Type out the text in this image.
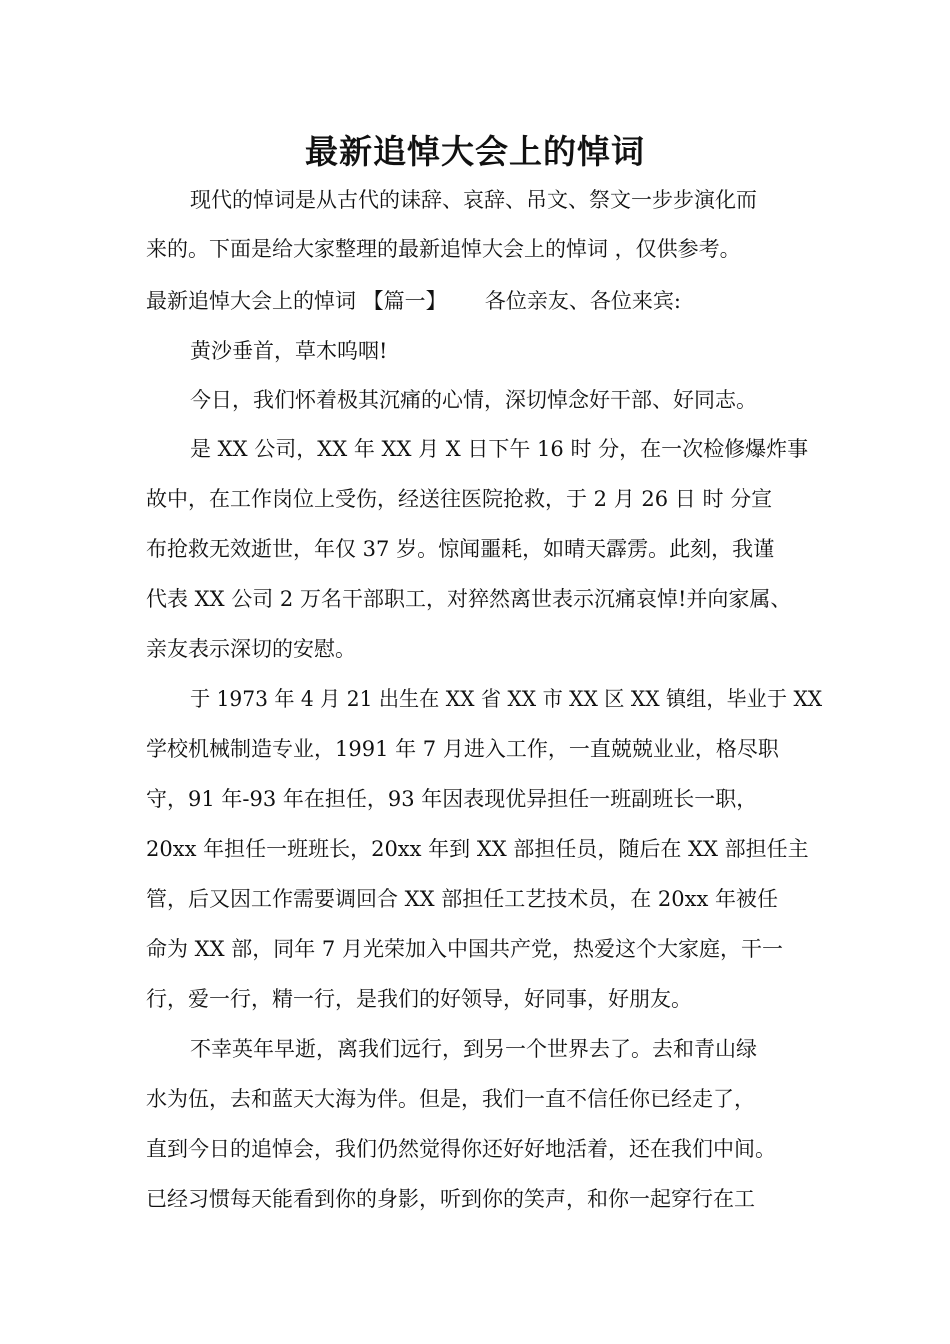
最新追悼大会上的悼词
现代的悼词是从古代的诔辞、哀辞、吊文、祭文一步步演化而
来的。下面是给大家整理的最新追悼大会上的悼词 ，仅供参考。
最新追悼大会上的悼词 【篇一】　　 各位亲友、各位来宾:
黄沙垂首，草木呜咽!
今日，我们怀着极其沉痛的心情，深切悼念好干部、好同志。
是 XX 公司，XX 年 XX 月 X 日下午 16 时 分，在一次检修爆炸事
故中，在工作岗位上受伤，经送往医院抢救，于 2 月 26 日 时 分宣
布抢救无效逝世，年仅 37 岁。惊闻噩耗，如晴天霹雳。此刻，我谨
代表 XX 公司 2 万名干部职工，对猝然离世表示沉痛哀悼!并向家属、
亲友表示深切的安慰。
于 1973 年 4 月 21 出生在 XX 省 XX 市 XX 区 XX 镇组，毕业于 XX
学校机械制造专业，1991 年 7 月进入工作，一直兢兢业业，格尽职
守，91 年-93 年在担任，93 年因表现优异担任一班副班长一职，
20xx 年担任一班班长，20xx 年到 XX 部担任员，随后在 XX 部担任主
管，后又因工作需要调回合 XX 部担任工艺技术员，在 20xx 年被任
命为 XX 部，同年 7 月光荣加入中国共产党，热爱这个大家庭，干一
行，爱一行，精一行，是我们的好领导，好同事，好朋友。
不幸英年早逝，离我们远行，到另一个世界去了。去和青山绿
水为伍，去和蓝天大海为伴。但是，我们一直不信任你已经走了，
直到今日的追悼会，我们仍然觉得你还好好地活着，还在我们中间。
已经习惯每天能看到你的身影，听到你的笑声，和你一起穿行在工
